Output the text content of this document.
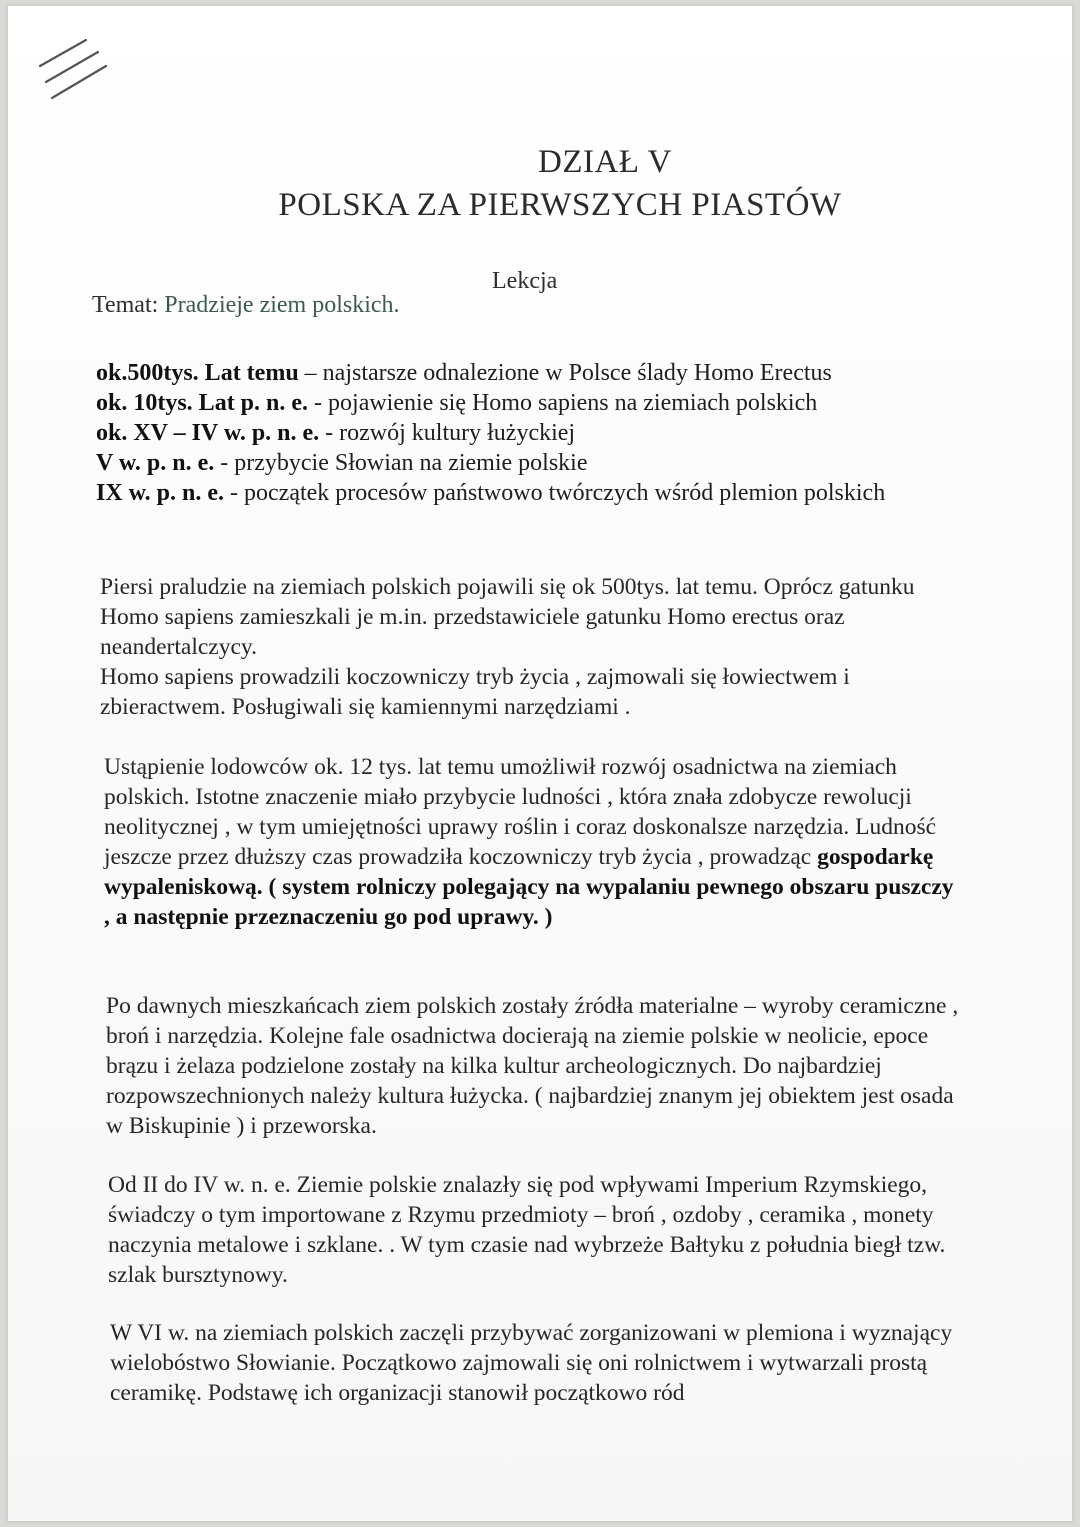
DZIAŁ V
POLSKA ZA PIERWSZYCH PIASTÓW
Lekcja
Temat: Pradzieje ziem polskich.
ok.500tys. Lat temu – najstarsze odnalezione w Polsce ślady Homo Erectus
ok. 10tys. Lat p. n. e. - pojawienie się Homo sapiens na ziemiach polskich
ok. XV – IV w. p. n. e. - rozwój kultury łużyckiej
V w. p. n. e. - przybycie Słowian na ziemie polskie
IX w. p. n. e. - początek procesów państwowo twórczych wśród plemion polskich
Piersi praludzie na ziemiach polskich pojawili się ok 500tys. lat temu. Oprócz gatunku Homo sapiens zamieszkali je m.in. przedstawiciele gatunku Homo erectus oraz neandertalczycy.
Homo sapiens prowadzili koczowniczy tryb życia , zajmowali się łowiectwem i zbieractwem. Posługiwali się kamiennymi narzędziami .
Ustąpienie lodowców ok. 12 tys. lat temu umożliwił rozwój osadnictwa na ziemiach polskich. Istotne znaczenie miało przybycie ludności , która znała zdobycze rewolucji neolitycznej , w tym umiejętności uprawy roślin i coraz doskonalsze narzędzia. Ludność jeszcze przez dłuższy czas prowadziła koczowniczy tryb życia , prowadząc gospodarkę wypaleniskową. ( system rolniczy polegający na wypalaniu pewnego obszaru puszczy , a następnie przeznaczeniu go pod uprawy. )
Po dawnych mieszkańcach ziem polskich zostały źródła materialne – wyroby ceramiczne , broń i narzędzia. Kolejne fale osadnictwa docierają na ziemie polskie w neolicie, epoce brązu i żelaza podzielone zostały na kilka kultur archeologicznych. Do najbardziej rozpowszechnionych należy kultura łużycka. ( najbardziej znanym jej obiektem jest osada w Biskupinie ) i przeworska.
Od II do IV w. n. e. Ziemie polskie znalazły się pod wpływami Imperium Rzymskiego, świadczy o tym importowane z Rzymu przedmioty – broń , ozdoby , ceramika , monety naczynia metalowe i szklane. . W tym czasie nad wybrzeże Bałtyku z południa biegł tzw. szlak bursztynowy.
W VI w. na ziemiach polskich zaczęli przybywać zorganizowani w plemiona i wyznający wielobóstwo Słowianie. Początkowo zajmowali się oni rolnictwem i wytwarzali prostą ceramikę. Podstawę ich organizacji stanowił początkowo ród
